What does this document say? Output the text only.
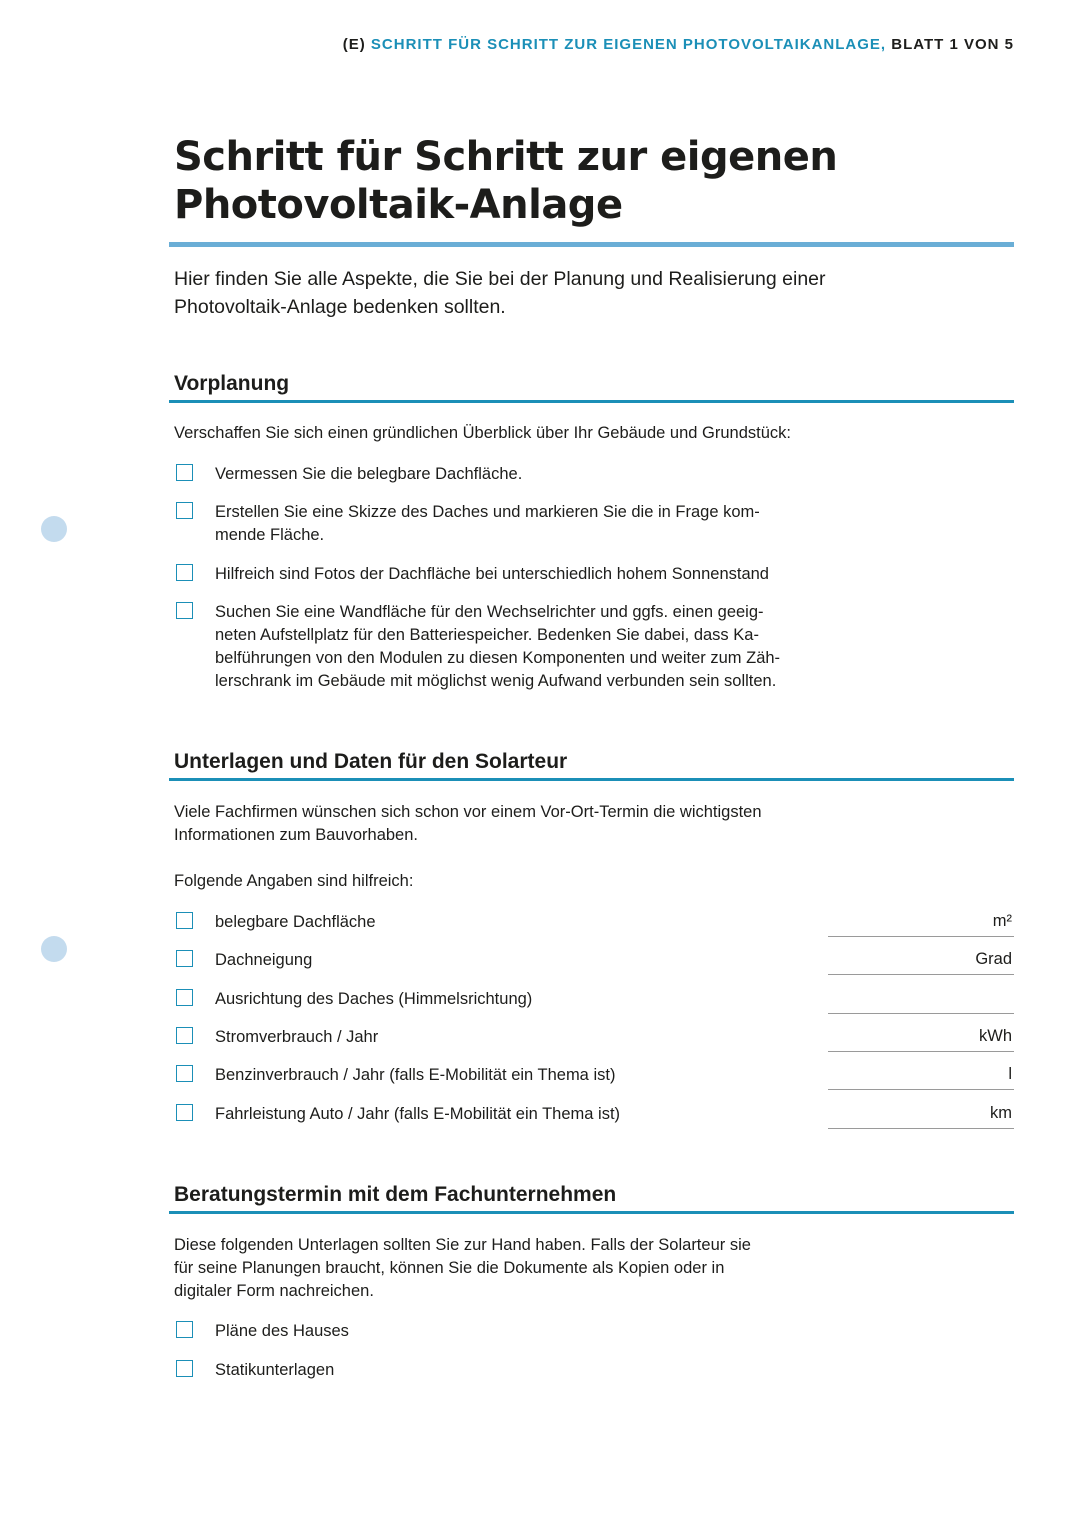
(E) SCHRITT FÜR SCHRITT ZUR EIGENEN PHOTOVOLTAIKANLAGE, BLATT 1 VON 5
Schritt für Schritt zur eigenen
Photovoltaik-Anlage

Hier finden Sie alle Aspekte, die Sie bei der Planung und Realisierung einer
Photovoltaik-Anlage bedenken sollten.

Vorplanung

Verschaffen Sie sich einen gründlichen Überblick über Ihr Gebäude und Grundstück:

Vermessen Sie die belegbare Dachfläche.
Erstellen Sie eine Skizze des Daches und markieren Sie die in Frage kom-
mende Fläche.
Hilfreich sind Fotos der Dachfläche bei unterschiedlich hohem Sonnenstand
Suchen Sie eine Wandfläche für den Wechselrichter und ggfs. einen geeig-
neten Aufstellplatz für den Batteriespeicher. Bedenken Sie dabei, dass Ka-
belführungen von den Modulen zu diesen Komponenten und weiter zum Zäh-
lerschrank im Gebäude mit möglichst wenig Aufwand verbunden sein sollten.
Unterlagen und Daten für den Solarteur

Viele Fachfirmen wünschen sich schon vor einem Vor-Ort-Termin die wichtigsten
Informationen zum Bauvorhaben.

Folgende Angaben sind hilfreich:

belegbare Dachfläche	m²
Dachneigung	Grad
Ausrichtung des Daches (Himmelsrichtung)
Stromverbrauch / Jahr	kWh
Benzinverbrauch / Jahr (falls E-Mobilität ein Thema ist)	l
Fahrleistung Auto / Jahr (falls E-Mobilität ein Thema ist)	km
Beratungstermin mit dem Fachunternehmen

Diese folgenden Unterlagen sollten Sie zur Hand haben. Falls der Solarteur sie
für seine Planungen braucht, können Sie die Dokumente als Kopien oder in
digitaler Form nachreichen.

Pläne des Hauses
Statikunterlagen
